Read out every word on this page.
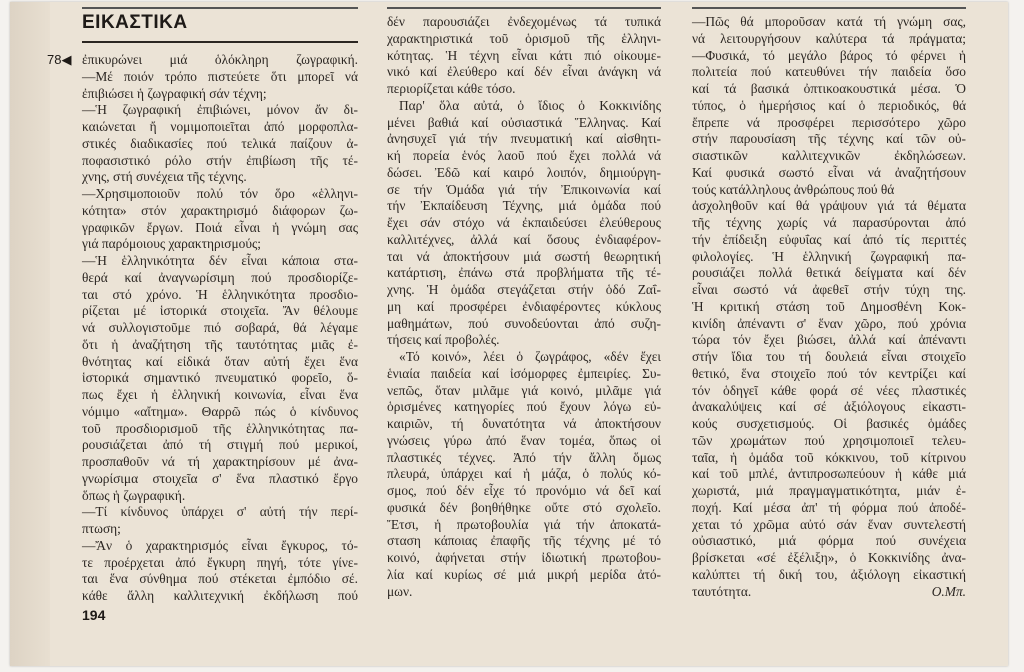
ΕΙΚΑΣΤΙΚΑ
78◀ ἐπικυρώνει μιά ὁλόκληρη ζωγραφική.
—Μέ ποιόν τρόπο πιστεύετε ὅτι μπορεῖ νά
ἐπιβιώσει ἡ ζωγραφική σάν τέχνη;
—Ἡ ζωγραφική ἐπιβιώνει, μόνον ἄν δι-
καιώνεται ἤ νομιμοποιεῖται ἀπό μορφοπλα-
στικές διαδικασίες πού τελικά παίζουν ἀ-
ποφασιστικό ρόλο στήν ἐπιβίωση τῆς τέ-
χνης, στή συνέχεια τῆς τέχνης.
—Χρησιμοποιοῦν πολύ τόν ὅρο «ἑλληνι-
κότητα» στόν χαρακτηρισμό διάφορων ζω-
γραφικῶν ἔργων. Ποιά εἶναι ἡ γνώμη σας
γιά παρόμοιους χαρακτηρισμούς;
—Ἡ ἑλληνικότητα δέν εἶναι κάποια στα-
θερά καί ἀναγνωρίσιμη πού προσδιορίζε-
ται στό χρόνο. Ἡ ἑλληνικότητα προσδιο-
ρίζεται μέ ἱστορικά στοιχεῖα. Ἄν θέλουμε
νά συλλογιστοῦμε πιό σοβαρά, θά λέγαμε
ὅτι ἡ ἀναζήτηση τῆς ταυτότητας μιᾶς ἐ-
θνότητας καί εἰδικά ὅταν αὐτή ἔχει ἕνα
ἱστορικά σημαντικό πνευματικό φορεῖο, ὅ-
πως ἔχει ἡ ἑλληνική κοινωνία, εἶναι ἕνα
νόμιμο «αἴτημα». Θαρρῶ πώς ὁ κίνδυνος
τοῦ προσδιορισμοῦ τῆς ἑλληνικότητας πα-
ρουσιάζεται ἀπό τή στιγμή πού μερικοί,
προσπαθοῦν νά τή χαρακτηρίσουν μέ ἀνα-
γνωρίσιμα στοιχεῖα σ' ἕνα πλαστικό ἔργο
ὅπως ἡ ζωγραφική.
—Τί κίνδυνος ὑπάρχει σ' αὐτή τήν περί-
πτωση;
—Ἄν ὁ χαρακτηρισμός εἶναι ἔγκυρος, τό-
τε προέρχεται ἀπό ἔγκυρη πηγή, τότε γίνε-
ται ἕνα σύνθημα πού στέκεται ἐμπόδιο σέ.
κάθε ἄλλη καλλιτεχνική ἐκδήλωση πού
δέν παρουσιάζει ἐνδεχομένως τά τυπικά
χαρακτηριστικά τοῦ ὁρισμοῦ τῆς ἑλληνι-
κότητας. Ἡ τέχνη εἶναι κάτι πιό οἰκουμε-
νικό καί ἐλεύθερο καί δέν εἶναι ἀνάγκη νά
περιορίζεται κάθε τόσο.
Παρ' ὅλα αὐτά, ὁ ἴδιος ὁ Κοκκινίδης
μένει βαθιά καί οὐσιαστικά Ἕλληνας. Καί
ἀνησυχεῖ γιά τήν πνευματική καί αἰσθητι-
κή πορεία ἑνός λαοῦ πού ἔχει πολλά νά
δώσει. Ἐδῶ καί καιρό λοιπόν, δημιούργη-
σε τήν Ὁμάδα γιά τήν Ἐπικοινωνία καί
τήν Ἐκπαίδευση Τέχνης, μιά ὁμάδα πού
ἔχει σάν στόχο νά ἐκπαιδεύσει ἐλεύθερους
καλλιτέχνες, ἀλλά καί ὅσους ἐνδιαφέρον-
ται νά ἀποκτήσουν μιά σωστή θεωρητική
κατάρτιση, ἐπάνω στά προβλήματα τῆς τέ-
χνης. Ἡ ὁμάδα στεγάζεται στήν ὁδό Ζαΐ-
μη καί προσφέρει ἐνδιαφέροντες κύκλους
μαθημάτων, πού συνοδεύονται ἀπό συζη-
τήσεις καί προβολές.
«Τό κοινό», λέει ὁ ζωγράφος, «δέν ἔχει
ἑνιαία παιδεία καί ἰσόμορφες ἐμπειρίες. Συ-
νεπῶς, ὅταν μιλᾶμε γιά κοινό, μιλᾶμε γιά
ὁρισμένες κατηγορίες πού ἔχουν λόγω εὐ-
καιριῶν, τή δυνατότητα νά ἀποκτήσουν
γνώσεις γύρω ἀπό ἕναν τομέα, ὅπως οἱ
πλαστικές τέχνες. Ἀπό τήν ἄλλη ὅμως
πλευρά, ὑπάρχει καί ἡ μάζα, ὁ πολύς κό-
σμος, πού δέν εἶχε τό προνόμιο νά δεῖ καί
φυσικά δέν βοηθήθηκε οὔτε στό σχολεῖο.
Ἔτσι, ἡ πρωτοβουλία γιά τήν ἀποκατά-
σταση κάποιας ἐπαφῆς τῆς τέχνης μέ τό
κοινό, ἀφήνεται στήν ἰδιωτική πρωτοβου-
λία καί κυρίως σέ μιά μικρή μερίδα ἀτό-
μων.
—Πῶς θά μποροῦσαν κατά τή γνώμη σας,
νά λειτουργήσουν καλύτερα τά πράγματα;
—Φυσικά, τό μεγάλο βάρος τό φέρνει ἡ
πολιτεία πού κατευθύνει τήν παιδεία ὅσο
καί τά βασικά ὀπτικοακουστικά μέσα. Ὁ
τύπος, ὁ ἡμερήσιος καί ὁ περιοδικός, θά
ἔπρεπε νά προσφέρει περισσότερο χῶρο
στήν παρουσίαση τῆς τέχνης καί τῶν οὐ-
σιαστικῶν καλλιτεχνικῶν ἐκδηλώσεων.
Καί φυσικά σωστό εἶναι νά ἀναζητήσουν
τούς κατάλληλους ἀνθρώπους πού θά
ἀσχοληθοῦν καί θά γράψουν γιά τά θέματα
τῆς τέχνης χωρίς νά παρασύρονται ἀπό
τήν ἐπίδειξη εὐφυΐας καί ἀπό τίς περιττές
φιλολογίες. Ἡ ἑλληνική ζωγραφική πα-
ρουσιάζει πολλά θετικά δείγματα καί δέν
εἶναι σωστό νά ἀφεθεῖ στήν τύχη της.
Ἡ κριτική στάση τοῦ Δημοσθένη Κοκ-
κινίδη ἀπέναντι σ' ἕναν χῶρο, πού χρόνια
τώρα τόν ἔχει βιώσει, ἀλλά καί ἀπέναντι
στήν ἴδια του τή δουλειά εἶναι στοιχεῖο
θετικό, ἕνα στοιχεῖο πού τόν κεντρίζει καί
τόν ὁδηγεῖ κάθε φορά σέ νέες πλαστικές
ἀνακαλύψεις καί σέ ἀξιόλογους εἰκαστι-
κούς συσχετισμούς. Οἱ βασικές ὁμάδες
τῶν χρωμάτων πού χρησιμοποιεῖ τελευ-
ταῖα, ἡ ὁμάδα τοῦ κόκκινου, τοῦ κίτρινου
καί τοῦ μπλέ, ἀντιπροσωπεύουν ἡ κάθε μιά
χωριστά, μιά πραγμαγματικότητα, μιάν ἐ-
ποχή. Καί μέσα ἀπ' τή φόρμα πού ἀποδέ-
χεται τό χρῶμα αὐτό σάν ἕναν συντελεστή
οὐσιαστικό, μιά φόρμα πού συνέχεια
βρίσκεται «σέ ἐξέλιξη», ὁ Κοκκινίδης ἀνα-
καλύπτει τή δική του, ἀξιόλογη εἰκαστική
ταυτότητα.	Ο.Μπ.
194
